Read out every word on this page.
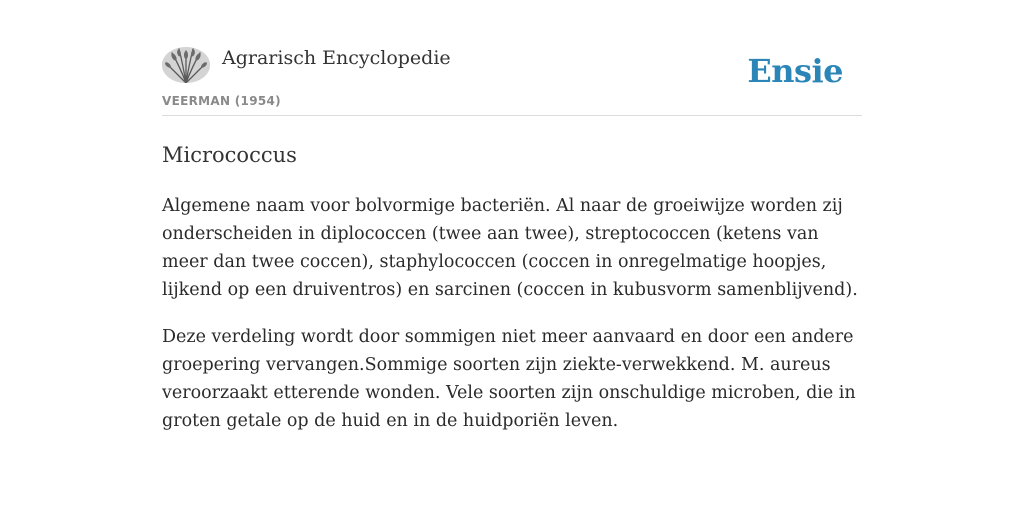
Agrarisch Encyclopedie
VEERMAN (1954)
Ensie
Micrococcus

Algemene naam voor bolvormige bacteriën. Al naar de groeiwijze worden zij onderscheiden in diplococcen (twee aan twee), streptococcen (ketens van meer dan twee coccen), staphylococcen (coccen in onregelmatige hoopjes, lijkend op een druiventros) en sarcinen (coccen in kubusvorm samenblijvend).

Deze verdeling wordt door sommigen niet meer aanvaard en door een andere groepering vervangen.Sommige soorten zijn ziekte-verwekkend. M. aureus veroorzaakt etterende wonden. Vele soorten zijn onschuldige microben, die in groten getale op de huid en in de huidporiën leven.
